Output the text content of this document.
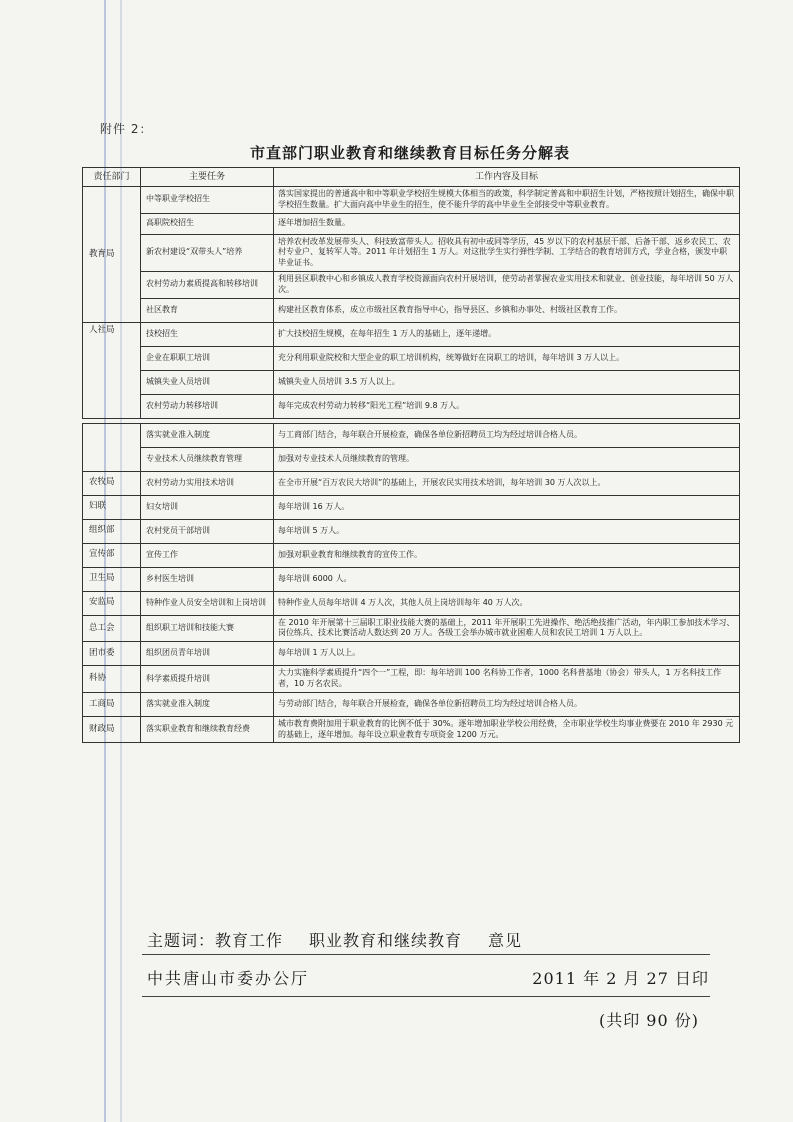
附件 2：
市直部门职业教育和继续教育目标任务分解表
责任部门	主要任务	工作内容及目标
教育局	中等职业学校招生	落实国家提出的普通高中和中等职业学校招生规模大体相当的政策，科学制定普高和中职招生计划，严格按照计划招生，确保中职学校招生数量。扩大面向高中毕业生的招生，使不能升学的高中毕业生全部接受中等职业教育。
	高职院校招生	逐年增加招生数量。
	新农村建设“双带头人”培养	培养农村改革发展带头人、科技致富带头人。招收具有初中或同等学历，45 岁以下的农村基层干部、后备干部、返乡农民工、农村专业户、复转军人等。2011 年计划招生 1 万人。对这批学生实行弹性学制、工学结合的教育培训方式，学业合格，颁发中职毕业证书。
	农村劳动力素质提高和转移培训	利用县区职教中心和乡镇成人教育学校资源面向农村开展培训，使劳动者掌握农业实用技术和就业、创业技能，每年培训 50 万人次。
	社区教育	构建社区教育体系，成立市级社区教育指导中心，指导县区、乡镇和办事处、村级社区教育工作。
人社局	技校招生	扩大技校招生规模，在每年招生 1 万人的基础上，逐年递增。
	企业在职职工培训	充分利用职业院校和大型企业的职工培训机构，统筹做好在岗职工的培训，每年培训 3 万人以上。
	城镇失业人员培训	城镇失业人员培训 3.5 万人以上。
	农村劳动力转移培训	每年完成农村劳动力转移“阳光工程”培训 9.8 万人。

	落实就业准入制度	与工商部门结合，每年联合开展检查，确保各单位新招聘员工均为经过培训合格人员。
	专业技术人员继续教育管理	加强对专业技术人员继续教育的管理。
农牧局	农村劳动力实用技术培训	在全市开展“百万农民大培训”的基础上，开展农民实用技术培训，每年培训 30 万人次以上。
妇联	妇女培训	每年培训 16 万人。
组织部	农村党员干部培训	每年培训 5 万人。
宣传部	宣传工作	加强对职业教育和继续教育的宣传工作。
卫生局	乡村医生培训	每年培训 6000 人。
安监局	特种作业人员安全培训和上岗培训	特种作业人员每年培训 4 万人次，其他人员上岗培训每年 40 万人次。
总工会	组织职工培训和技能大赛	在 2010 年开展第十三届职工职业技能大赛的基础上，2011 年开展职工先进操作、绝活绝技推广活动，年内职工参加技术学习、岗位练兵、技术比赛活动人数达到 20 万人。各级工会举办城市就业困难人员和农民工培训 1 万人以上。
团市委	组织团员青年培训	每年培训 1 万人以上。
科协	科学素质提升培训	大力实施科学素质提升“四个一”工程，即：每年培训 100 名科协工作者，1000 名科普基地（协会）带头人，1 万名科技工作者，10 万名农民。
工商局	落实就业准入制度	与劳动部门结合，每年联合开展检查，确保各单位新招聘员工均为经过培训合格人员。
财政局	落实职业教育和继续教育经费	城市教育费附加用于职业教育的比例不低于 30%。逐年增加职业学校公用经费，全市职业学校生均事业费要在 2010 年 2930 元的基础上，逐年增加。每年设立职业教育专项资金 1200 万元。
主题词：教育工作 职业教育和继续教育 意见
中共唐山市委办公厅	2011 年 2 月 27 日印
(共印 90 份)
